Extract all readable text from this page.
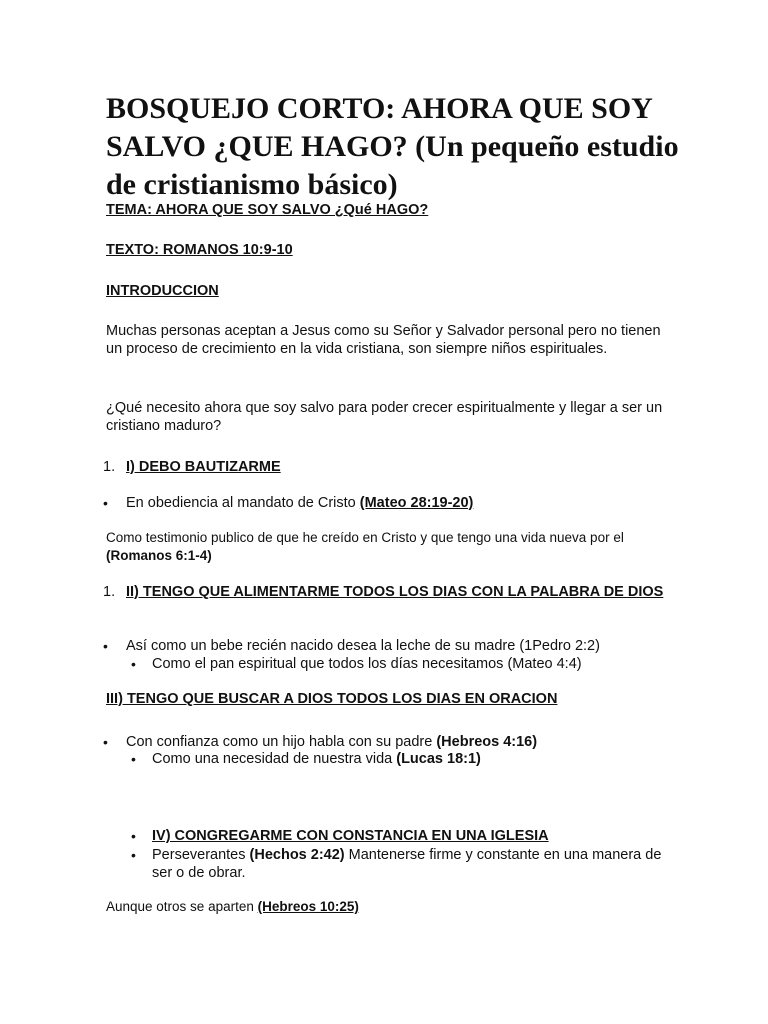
BOSQUEJO CORTO: AHORA QUE SOY SALVO ¿QUE HAGO? (Un pequeño estudio de cristianismo básico)

TEMA: AHORA QUE SOY SALVO ¿Qué HAGO?

TEXTO: ROMANOS 10:9-10

INTRODUCCION

Muchas personas aceptan a Jesus como su Señor y Salvador personal pero no tienen un proceso de crecimiento en la vida cristiana, son siempre niños espirituales.

¿Qué necesito ahora que soy salvo para poder crecer espiritualmente y llegar a ser un cristiano maduro?

1. I) DEBO BAUTIZARME
• En obediencia al mandato de Cristo (Mateo 28:19-20)

Como testimonio publico de que he creído en Cristo y que tengo una vida nueva por el (Romanos 6:1-4)

1. II) TENGO QUE ALIMENTARME TODOS LOS DIAS CON LA PALABRA DE DIOS

• Así como un bebe recién nacido desea la leche de su madre (1Pedro 2:2)

• Como el pan espiritual que todos los días necesitamos (Mateo 4:4)

III) TENGO QUE BUSCAR A DIOS TODOS LOS DIAS EN ORACION

• Con confianza como un hijo habla con su padre (Hebreos 4:16)

• Como una necesidad de nuestra vida (Lucas 18:1)

• IV) CONGREGARME CON CONSTANCIA EN UNA IGLESIA

• Perseverantes (Hechos 2:42) Mantenerse firme y constante en una manera de ser o de obrar.

Aunque otros se aparten (Hebreos 10:25)
